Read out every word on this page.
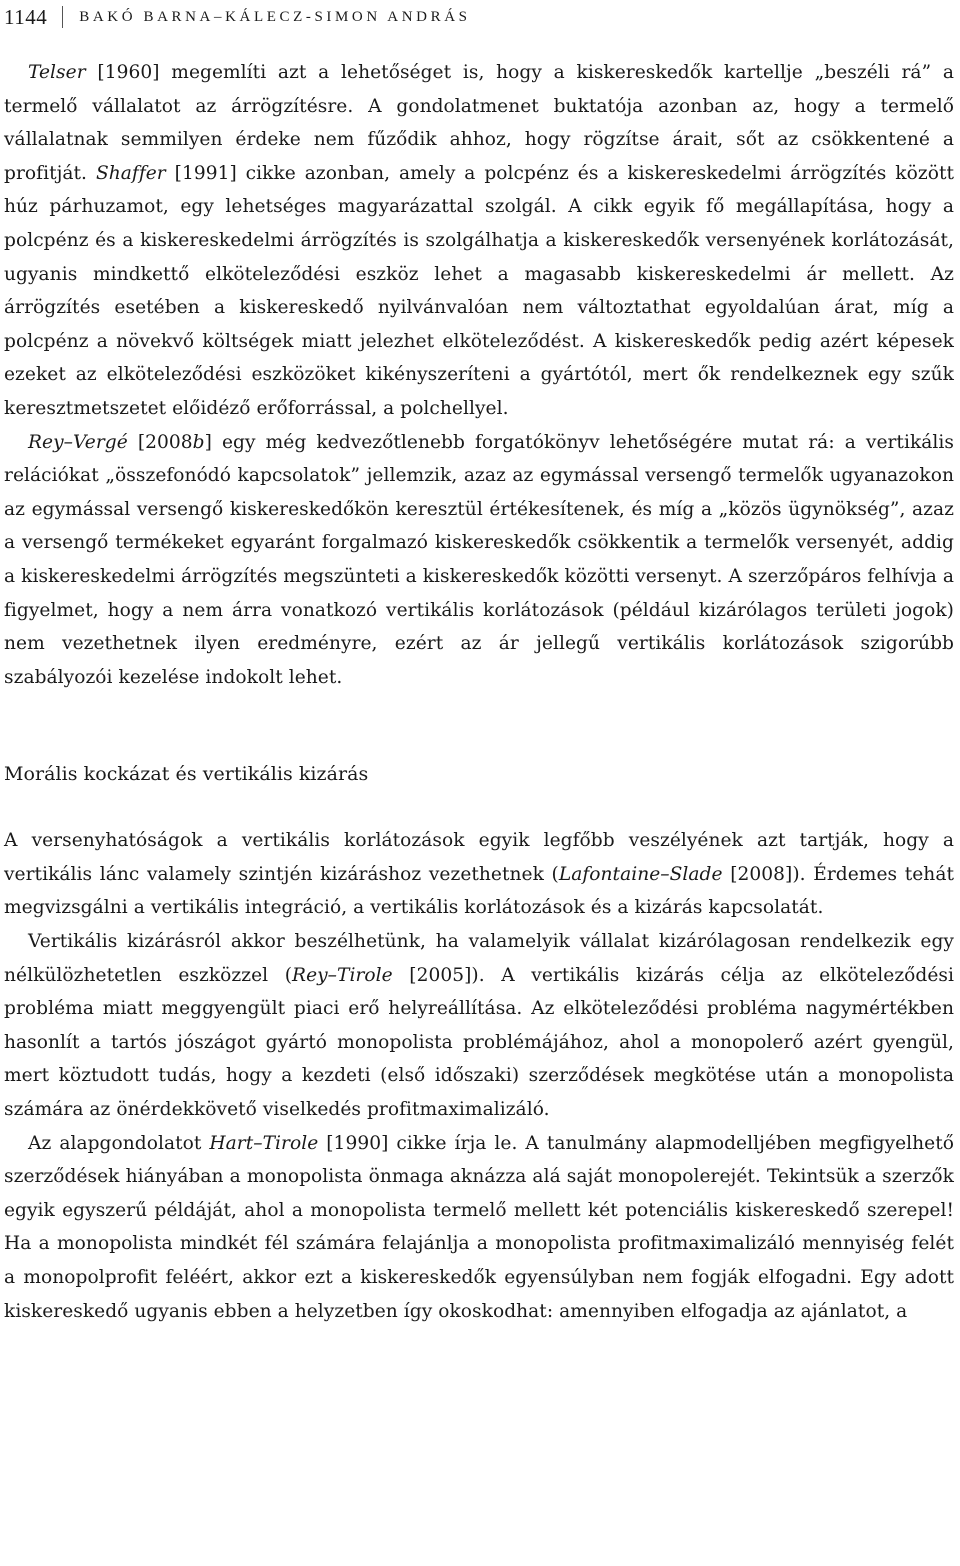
1144 BAKÓ BARNA–KÁLECZ-SIMON ANDRÁS

Telser [1960] megemlíti azt a lehetőséget is, hogy a kiskereskedők kartellje „beszéli rá” a termelő vállalatot az árrögzítésre. A gondolatmenet buktatója azonban az, hogy a termelő vállalatnak semmilyen érdeke nem fűződik ahhoz, hogy rögzítse árait, sőt az csökkentené a profitját. Shaffer [1991] cikke azonban, amely a polcpénz és a kiskereskedelmi árrögzítés között húz párhuzamot, egy lehetséges magyarázattal szolgál. A cikk egyik fő megállapítása, hogy a polcpénz és a kiskereskedelmi árrögzítés is szolgálhatja a kiskereskedők versenyének korlátozását, ugyanis mindkettő elköteleződési eszköz lehet a magasabb kiskereskedelmi ár mellett. Az árrögzítés esetében a kiskereskedő nyilvánvalóan nem változtathat egyoldalúan árat, míg a polcpénz a növekvő költségek miatt jelezhet elköteleződést. A kiskereskedők pedig azért képesek ezeket az elköteleződési eszközöket kikényszeríteni a gyártótól, mert ők rendelkeznek egy szűk keresztmetszetet előidéző erőforrással, a polchellyel.

Rey–Vergé [2008b] egy még kedvezőtlenebb forgatókönyv lehetőségére mutat rá: a vertikális relációkat „összefonódó kapcsolatok” jellemzik, azaz az egymással versengő termelők ugyanazokon az egymással versengő kiskereskedőkön keresztül értékesítenek, és míg a „közös ügynökség”, azaz a versengő termékeket egyaránt forgalmazó kiskereskedők csökkentik a termelők versenyét, addig a kiskereskedelmi árrögzítés megszünteti a kiskereskedők közötti versenyt. A szerzőpáros felhívja a figyelmet, hogy a nem árra vonatkozó vertikális korlátozások (például kizárólagos területi jogok) nem vezethetnek ilyen eredményre, ezért az ár jellegű vertikális korlátozások szigorúbb szabályozói kezelése indokolt lehet.

Morális kockázat és vertikális kizárás

A versenyhatóságok a vertikális korlátozások egyik legfőbb veszélyének azt tartják, hogy a vertikális lánc valamely szintjén kizáráshoz vezethetnek (Lafontaine–Slade [2008]). Érdemes tehát megvizsgálni a vertikális integráció, a vertikális korlátozások és a kizárás kapcsolatát.

Vertikális kizárásról akkor beszélhetünk, ha valamelyik vállalat kizárólagosan rendelkezik egy nélkülözhetetlen eszközzel (Rey–Tirole [2005]). A vertikális kizárás célja az elköteleződési probléma miatt meggyengült piaci erő helyreállítása. Az elköteleződési probléma nagymértékben hasonlít a tartós jószágot gyártó monopolista problémájához, ahol a monopolerő azért gyengül, mert köztudott tudás, hogy a kezdeti (első időszaki) szerződések megkötése után a monopolista számára az önérdekkövető viselkedés profitmaximalizáló.

Az alapgondolatot Hart–Tirole [1990] cikke írja le. A tanulmány alapmodelljében megfigyelhető szerződések hiányában a monopolista önmaga aknázza alá saját monopolerejét. Tekintsük a szerzők egyik egyszerű példáját, ahol a monopolista termelő mellett két potenciális kiskereskedő szerepel! Ha a monopolista mindkét fél számára felajánlja a monopolista profitmaximalizáló mennyiség felét a monopolprofit feléért, akkor ezt a kiskereskedők egyensúlyban nem fogják elfogadni. Egy adott kiskereskedő ugyanis ebben a helyzetben így okoskodhat: amennyiben elfogadja az ajánlatot, a
